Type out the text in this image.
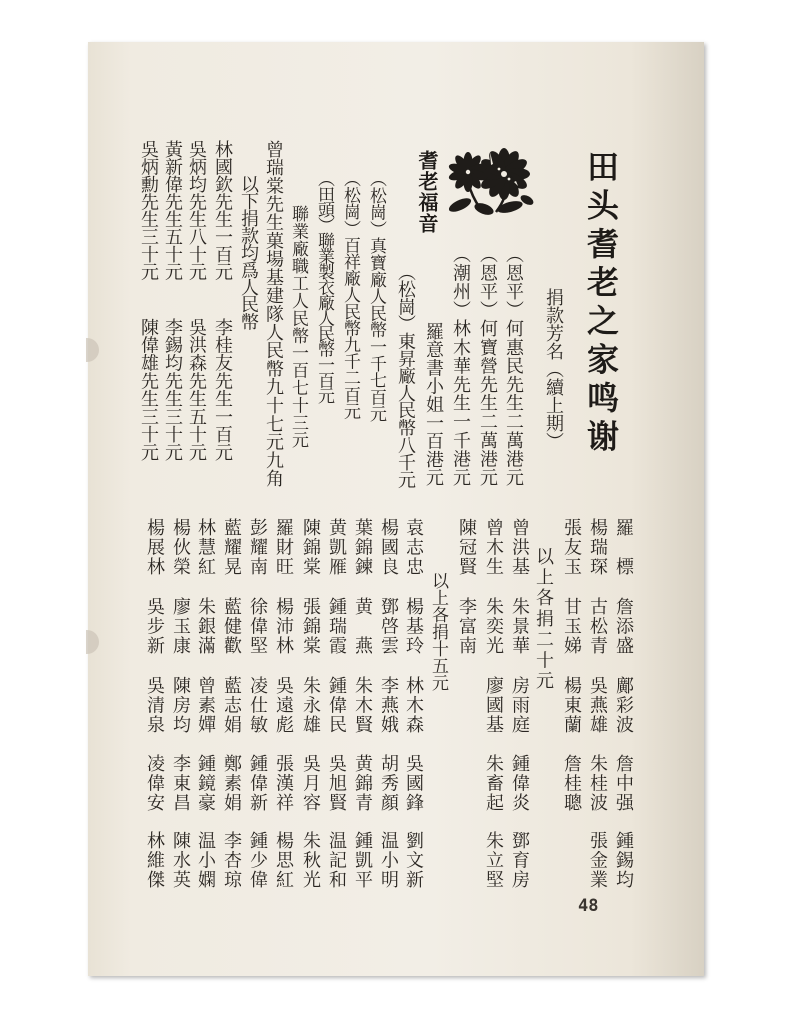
田头耆老之家鸣谢
捐款芳名（續上期）
（恩平）何惠民先生二萬港元
（恩平）何寶營先生二萬港元
（潮州）林木華先生一千港元
羅意書小姐一百港元
（松崗）東昇廠人民幣八千元
耆老福音
（松崗）真寶廠人民幣一千七百元
（松崗）百祥廠人民幣九千二百元
（田頭）聯業製衣廠人民幣一百元
聯業廠職工人民幣一百七十三元
曾瑞棠先生菓場基建隊人民幣九十七元九角
以下捐款均爲人民幣
林國欽先生一百元
李桂友先生一百元
吳炳均先生八十元
吳洪森先生五十元
黃新偉先生五十元
李錫均先生三十元
吳炳勳先生三十元
陳偉雄先生三十元
以上各捐二十元
以上各捐十五元
羅　標
詹添盛
鄺彩波
詹中强
鍾錫均
楊瑞琛
古松青
吳燕雄
朱桂波
張金業
張友玉
甘玉娣
楊東蘭
詹桂聰
曾洪基
朱景華
房雨庭
鍾偉炎
鄧育房
曾木生
朱奕光
廖國基
朱畜起
朱立堅
陳冠賢
李富南
袁志忠
楊基玲
林木森
吳國鋒
劉文新
楊國良
鄧啓雲
李燕娥
胡秀顔
温小明
葉錦鍊
黄　燕
朱木賢
黄錦青
鍾凱平
黄凱雁
鍾瑞霞
鍾偉民
吳旭賢
温記和
陳錦棠
張錦棠
朱永雄
吳月容
朱秋光
羅財旺
楊沛林
吳遠彪
張漢祥
楊思紅
彭耀南
徐偉堅
凌仕敏
鍾偉新
鍾少偉
藍耀晃
藍健歡
藍志娟
鄭素娟
李杏琼
林慧紅
朱銀滿
曾素嬋
鍾鏡豪
温小嫻
楊伙榮
廖玉康
陳房均
李東昌
陳水英
楊展林
吳步新
吳清泉
凌偉安
林維傑
48
